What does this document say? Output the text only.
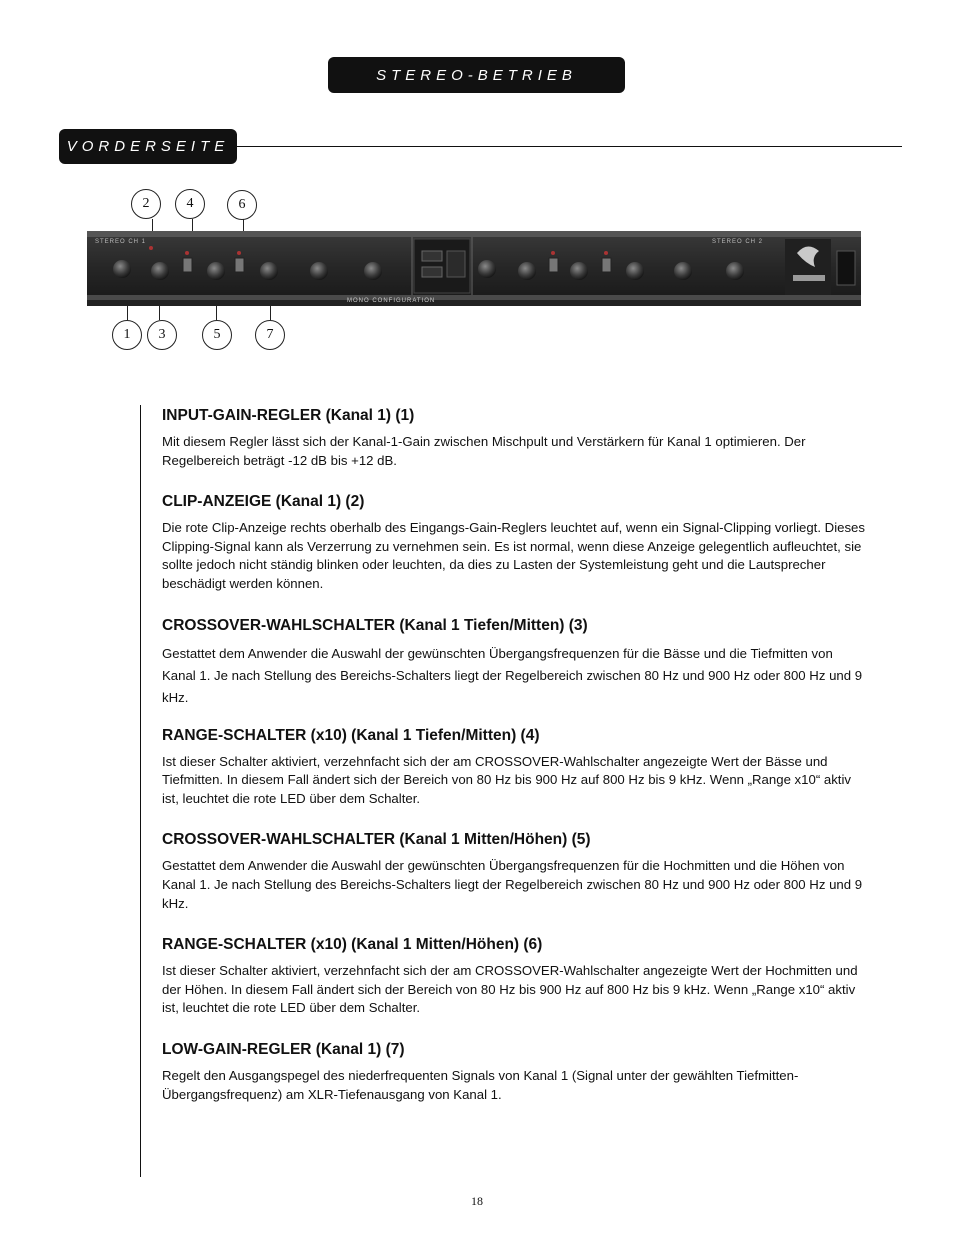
STEREO-BETRIEB
VORDERSEITE
STEREO CH 1	STEREO CH 2
MONO CONFIGURATION
2	4	6
1 3	5	7
INPUT-GAIN-REGLER (Kanal 1) (1)

Mit diesem Regler lässt sich der Kanal-1-Gain zwischen Mischpult und Verstärkern für Kanal 1 optimieren. Der Regelbereich beträgt -12 dB bis +12 dB.

CLIP-ANZEIGE (Kanal 1) (2)

Die rote Clip-Anzeige rechts oberhalb des Eingangs-Gain-Reglers leuchtet auf, wenn ein Signal-Clipping vorliegt. Dieses Clipping-Signal kann als Verzerrung zu vernehmen sein. Es ist normal, wenn diese Anzeige gelegentlich aufleuchtet, sie sollte jedoch nicht ständig blinken oder leuchten, da dies zu Lasten der Systemleistung geht und die Lautsprecher beschädigt werden können.

CROSSOVER-WAHLSCHALTER (Kanal 1 Tiefen/Mitten) (3)

Gestattet dem Anwender die Auswahl der gewünschten Übergangsfrequenzen für die Bässe und die Tiefmitten von Kanal 1. Je nach Stellung des Bereichs-Schalters liegt der Regelbereich zwischen 80 Hz und 900 Hz oder 800 Hz und 9 kHz.

RANGE-SCHALTER (x10) (Kanal 1 Tiefen/Mitten) (4)

Ist dieser Schalter aktiviert, verzehnfacht sich der am CROSSOVER-Wahlschalter angezeigte Wert der Bässe und Tiefmitten. In diesem Fall ändert sich der Bereich von 80 Hz bis 900 Hz auf 800 Hz bis 9 kHz. Wenn „Range x10“ aktiv ist, leuchtet die rote LED über dem Schalter.

CROSSOVER-WAHLSCHALTER (Kanal 1 Mitten/Höhen) (5)

Gestattet dem Anwender die Auswahl der gewünschten Übergangsfrequenzen für die Hochmitten und die Höhen von Kanal 1. Je nach Stellung des Bereichs-Schalters liegt der Regelbereich zwischen 80 Hz und 900 Hz oder 800 Hz und 9 kHz.

RANGE-SCHALTER (x10) (Kanal 1 Mitten/Höhen) (6)

Ist dieser Schalter aktiviert, verzehnfacht sich der am CROSSOVER-Wahlschalter angezeigte Wert der Hochmitten und der Höhen. In diesem Fall ändert sich der Bereich von 80 Hz bis 900 Hz auf 800 Hz bis 9 kHz. Wenn „Range x10“ aktiv ist, leuchtet die rote LED über dem Schalter.

LOW-GAIN-REGLER (Kanal 1) (7)

Regelt den Ausgangspegel des niederfrequenten Signals von Kanal 1 (Signal unter der gewählten Tiefmitten-Übergangsfrequenz) am XLR-Tiefenausgang von Kanal 1.

18
